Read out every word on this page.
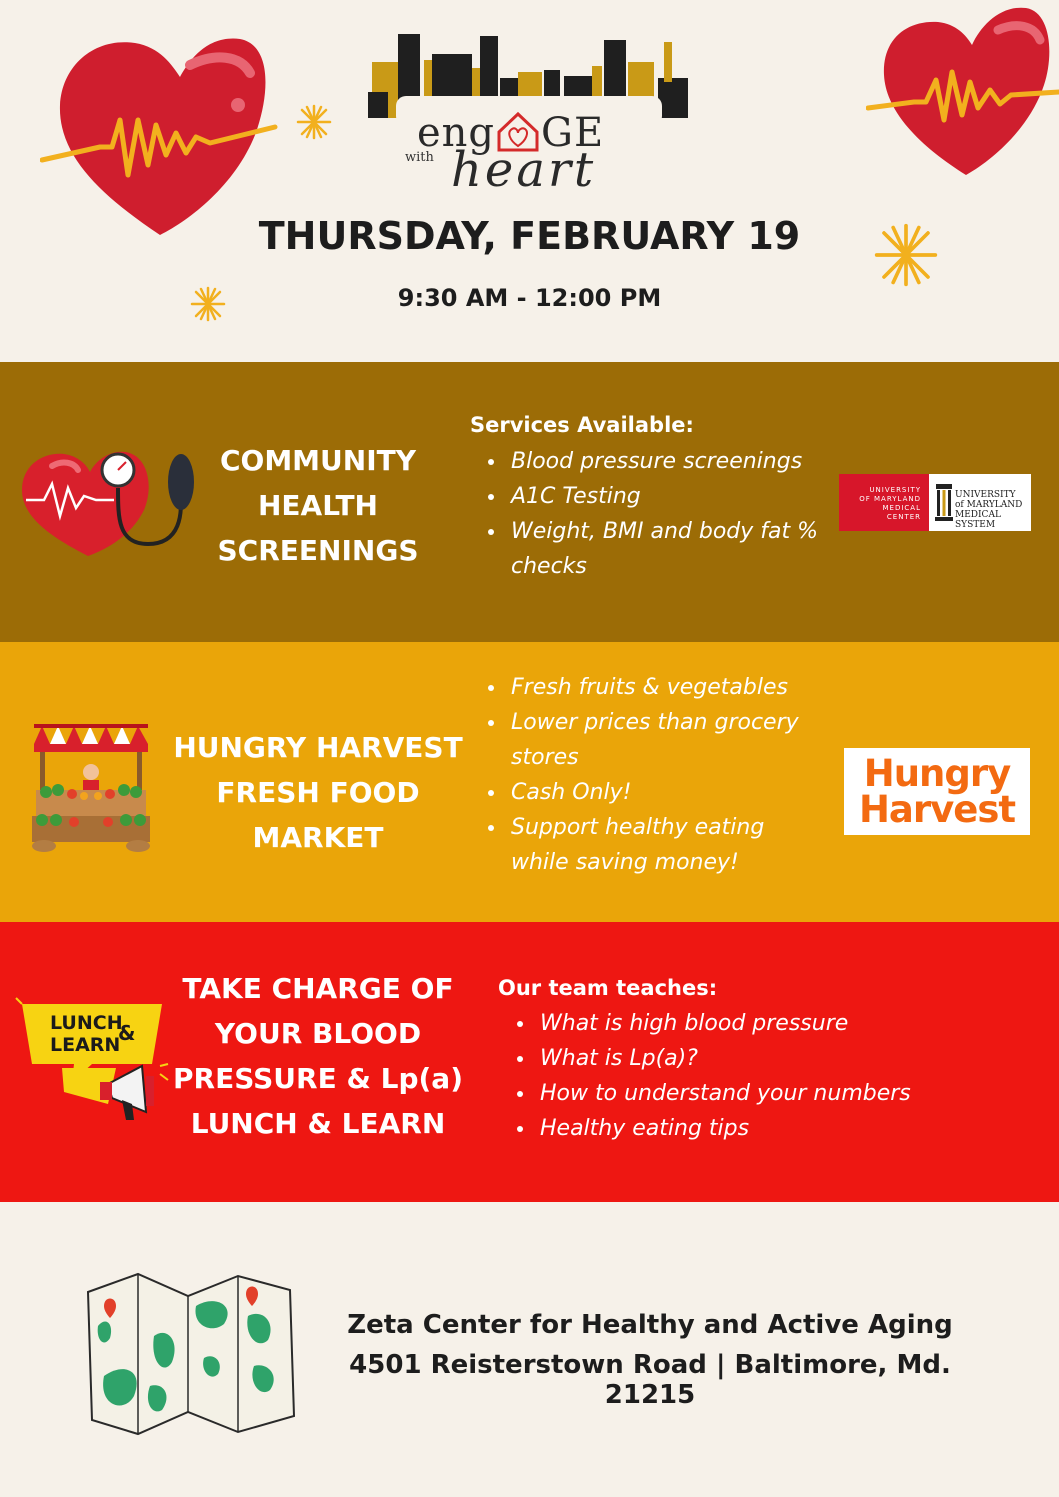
eng GE
with heart
THURSDAY, FEBRUARY 19
9:30 AM - 12:00 PM
COMMUNITY
HEALTH
SCREENINGS
Services Available:
Blood pressure screenings
A1C Testing
Weight, BMI and body fat %
checks
UNIVERSITY
OF MARYLAND
MEDICAL
CENTER
UNIVERSITY
of MARYLAND
MEDICAL
SYSTEM
HUNGRY HARVEST
FRESH FOOD
MARKET
Fresh fruits & vegetables
Lower prices than grocery
stores
Cash Only!
Support healthy eating
while saving money!
Hungry
Harvest
LUNCH
LEARN
&
TAKE CHARGE OF
YOUR BLOOD
PRESSURE & Lp(a)
LUNCH & LEARN
Our team teaches:
What is high blood pressure
What is Lp(a)?
How to understand your numbers
Healthy eating tips
Zeta Center for Healthy and Active Aging
4501 Reisterstown Road | Baltimore, Md. 21215
